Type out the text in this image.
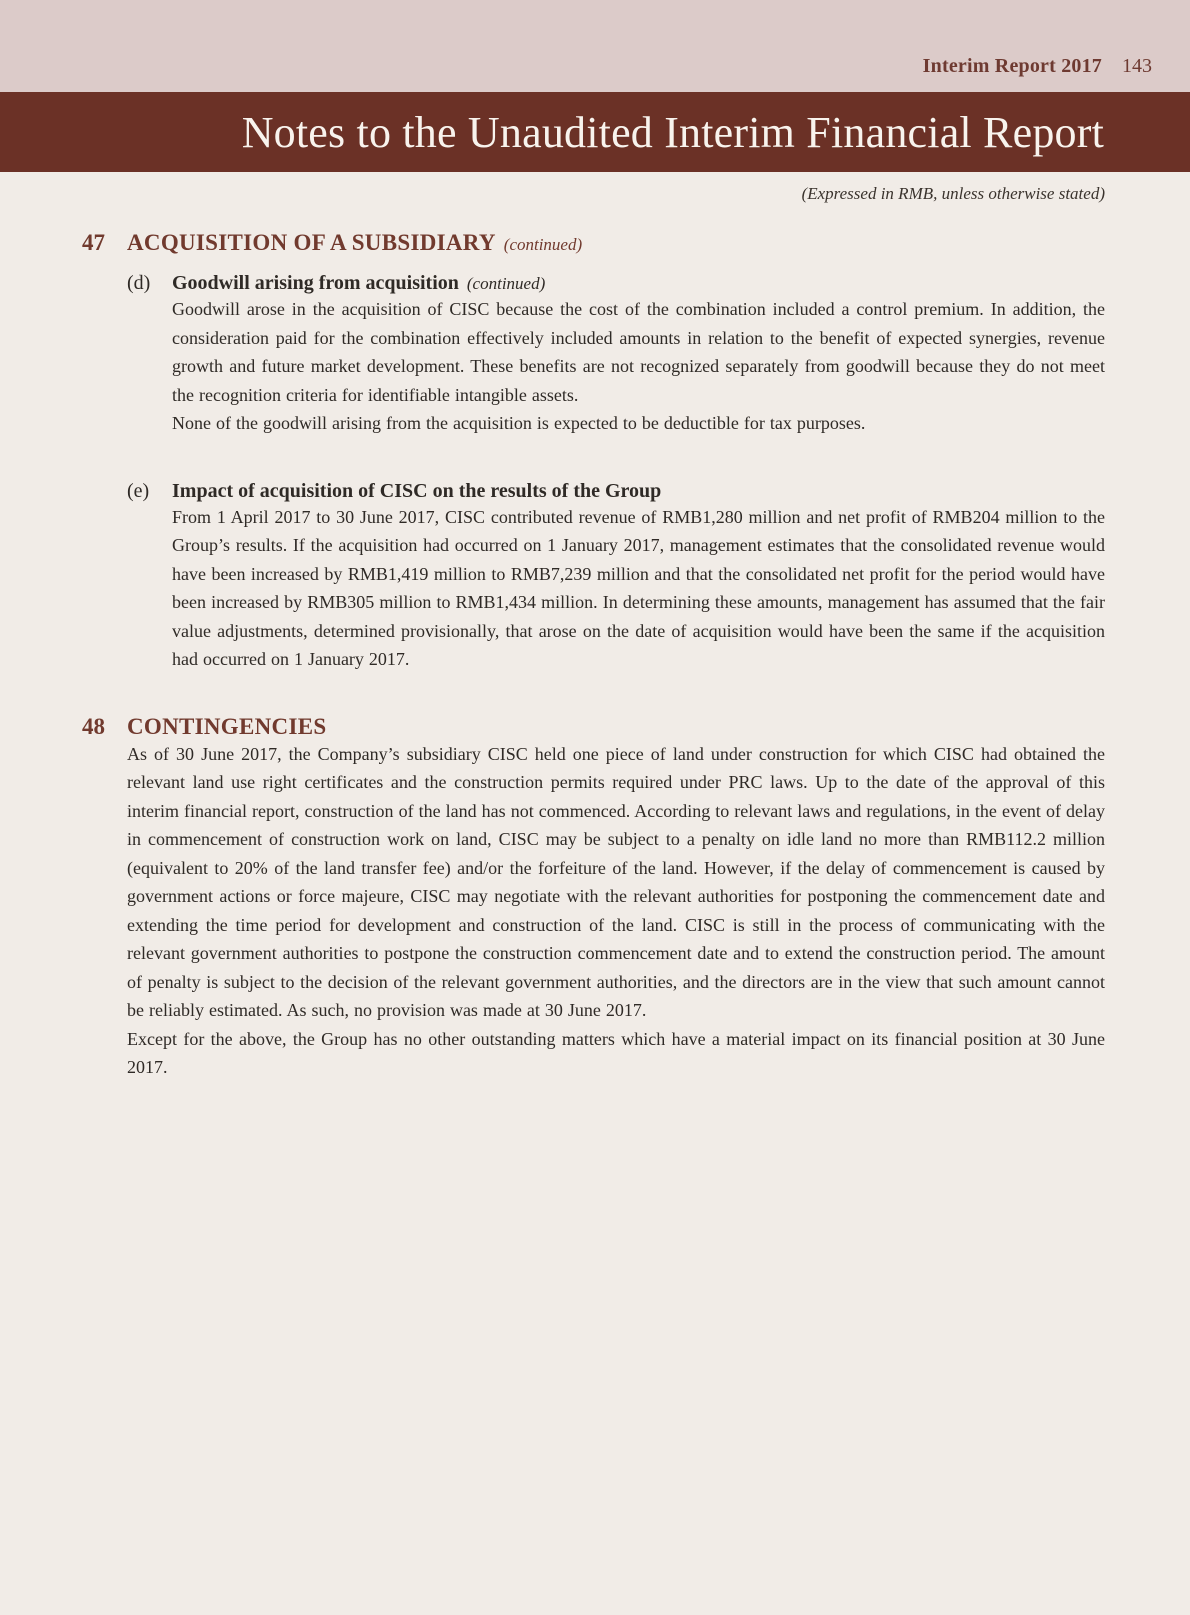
Interim Report 2017 143
Notes to the Unaudited Interim Financial Report
(Expressed in RMB, unless otherwise stated)
47 ACQUISITION OF A SUBSIDIARY (continued)
(d)	Goodwill arising from acquisition (continued)

Goodwill arose in the acquisition of CISC because the cost of the combination included a control premium. In addition, the consideration paid for the combination effectively included amounts in relation to the benefit of expected synergies, revenue growth and future market development. These benefits are not recognized separately from goodwill because they do not meet the recognition criteria for identifiable intangible assets.

None of the goodwill arising from the acquisition is expected to be deductible for tax purposes.

(e)	Impact of acquisition of CISC on the results of the Group

From 1 April 2017 to 30 June 2017, CISC contributed revenue of RMB1,280 million and net profit of RMB204 million to the Group’s results. If the acquisition had occurred on 1 January 2017, management estimates that the consolidated revenue would have been increased by RMB1,419 million to RMB7,239 million and that the consolidated net profit for the period would have been increased by RMB305 million to RMB1,434 million. In determining these amounts, management has assumed that the fair value adjustments, determined provisionally, that arose on the date of acquisition would have been the same if the acquisition had occurred on 1 January 2017.

48 CONTINGENCIES

As of 30 June 2017, the Company’s subsidiary CISC held one piece of land under construction for which CISC had obtained the relevant land use right certificates and the construction permits required under PRC laws. Up to the date of the approval of this interim financial report, construction of the land has not commenced. According to relevant laws and regulations, in the event of delay in commencement of construction work on land, CISC may be subject to a penalty on idle land no more than RMB112.2 million (equivalent to 20% of the land transfer fee) and/or the forfeiture of the land. However, if the delay of commencement is caused by government actions or force majeure, CISC may negotiate with the relevant authorities for postponing the commencement date and extending the time period for development and construction of the land. CISC is still in the process of communicating with the relevant government authorities to postpone the construction commencement date and to extend the construction period. The amount of penalty is subject to the decision of the relevant government authorities, and the directors are in the view that such amount cannot be reliably estimated. As such, no provision was made at 30 June 2017.

Except for the above, the Group has no other outstanding matters which have a material impact on its financial position at 30 June 2017.
